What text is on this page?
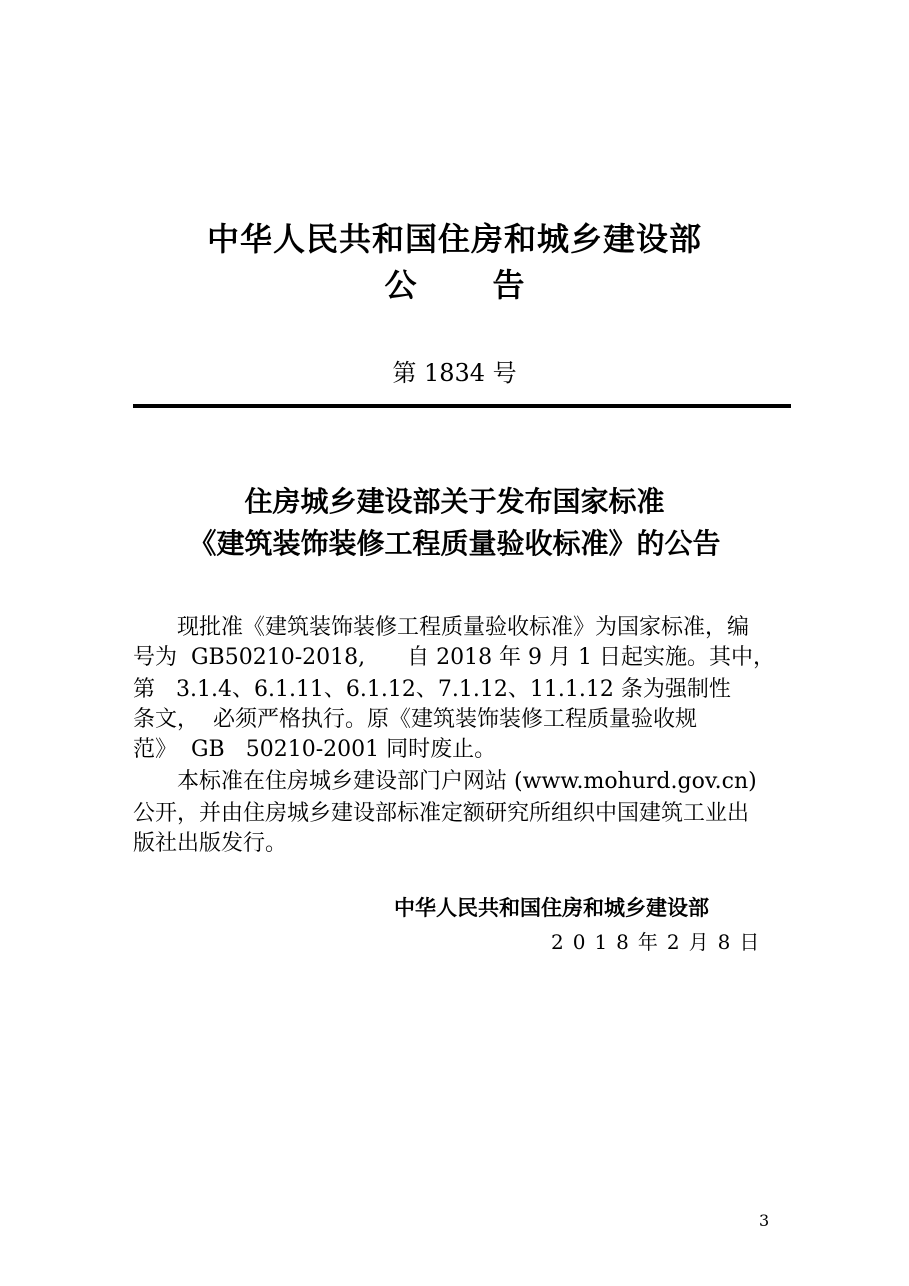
中华人民共和国住房和城乡建设部
公 告
第 1834 号
住房城乡建设部关于发布国家标准
《建筑装饰装修工程质量验收标准》的公告
现批准《建筑装饰装修工程质量验收标准》为国家标准，编
号为  GB50210-2018,      自 2018 年 9 月 1 日起实施。其中，
第   3.1.4、6.1.11、6.1.12、7.1.12、11.1.12 条为强制性
条文，  必须严格执行。原《建筑装饰装修工程质量验收规
范》  GB   50210-2001 同时废止。
本标准在住房城乡建设部门户网站 (www.mohurd.gov.cn)
公开，并由住房城乡建设部标准定额研究所组织中国建筑工业出
版社出版发行。
中华人民共和国住房和城乡建设部
2018年2月8日
3
